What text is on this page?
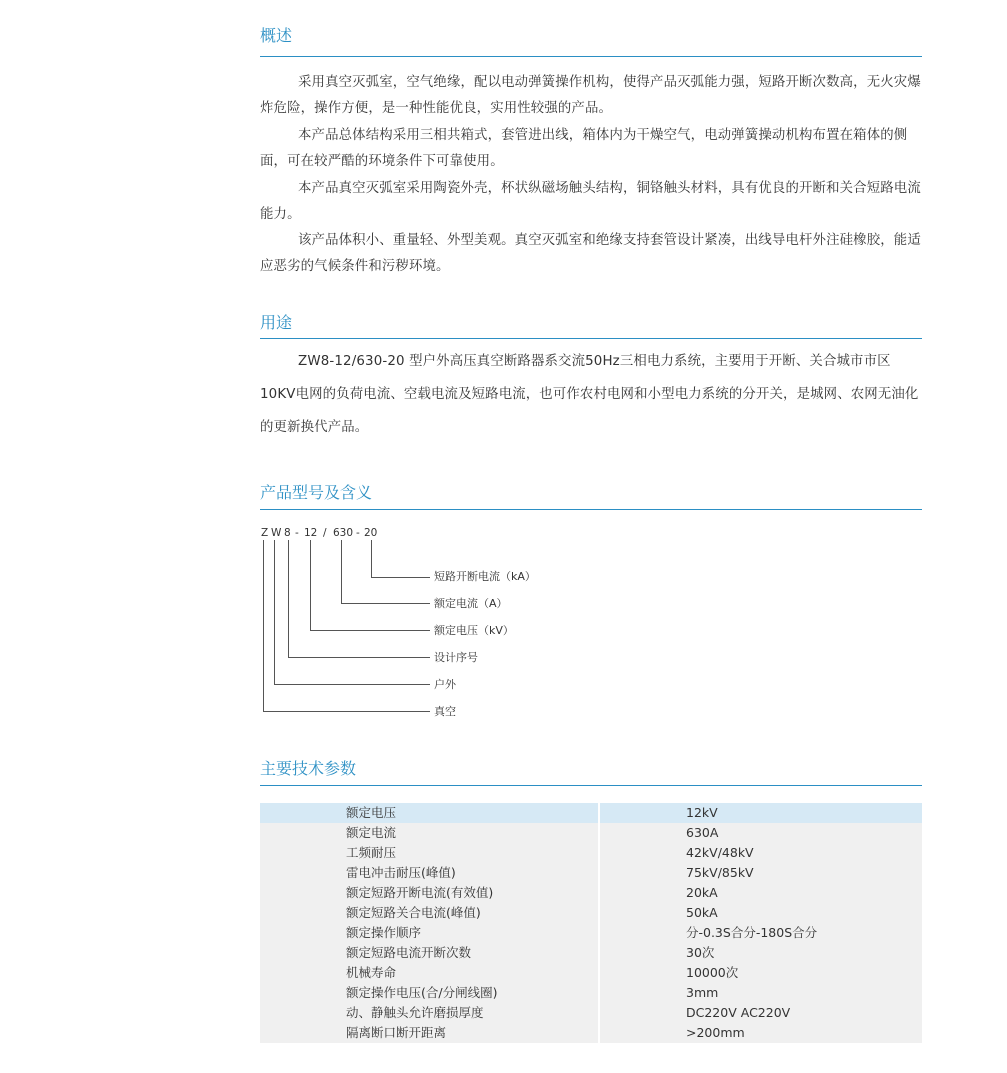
概述

采用真空灭弧室，空气绝缘，配以电动弹簧操作机构，使得产品灭弧能力强，短路开断次数高，无火灾爆炸危险，操作方便，是一种性能优良，实用性较强的产品。

本产品总体结构采用三相共箱式，套管进出线，箱体内为干燥空气，电动弹簧操动机构布置在箱体的侧面，可在较严酷的环境条件下可靠使用。

本产品真空灭弧室采用陶瓷外壳，杯状纵磁场触头结构，铜铬触头材料，具有优良的开断和关合短路电流能力。

该产品体积小、重量轻、外型美观。真空灭弧室和绝缘支持套管设计紧凑，出线导电杆外注硅橡胶，能适应恶劣的气候条件和污秽环境。

用途

ZW8-12/630-20 型户外高压真空断路器系交流50Hz三相电力系统，主要用于开断、关合城市市区10KV电网的负荷电流、空载电流及短路电流，也可作农村电网和小型电力系统的分开关，是城网、农网无油化的更新换代产品。

产品型号及含义
Z W 8 - 12 / 630 - 20
短路开断电流（kA）
额定电流（A）
额定电压（kV）
设计序号
户外
真空
主要技术参数
额定电压	12kV
额定电流	630A
工频耐压	42kV/48kV
雷电冲击耐压(峰值)	75kV/85kV
额定短路开断电流(有效值)	20kA
额定短路关合电流(峰值)	50kA
额定操作顺序	分-0.3S合分-180S合分
额定短路电流开断次数	30次
机械寿命	10000次
额定操作电压(合/分闸线圈)	3mm
动、静触头允许磨损厚度	DC220V AC220V
隔离断口断开距离	>200mm
